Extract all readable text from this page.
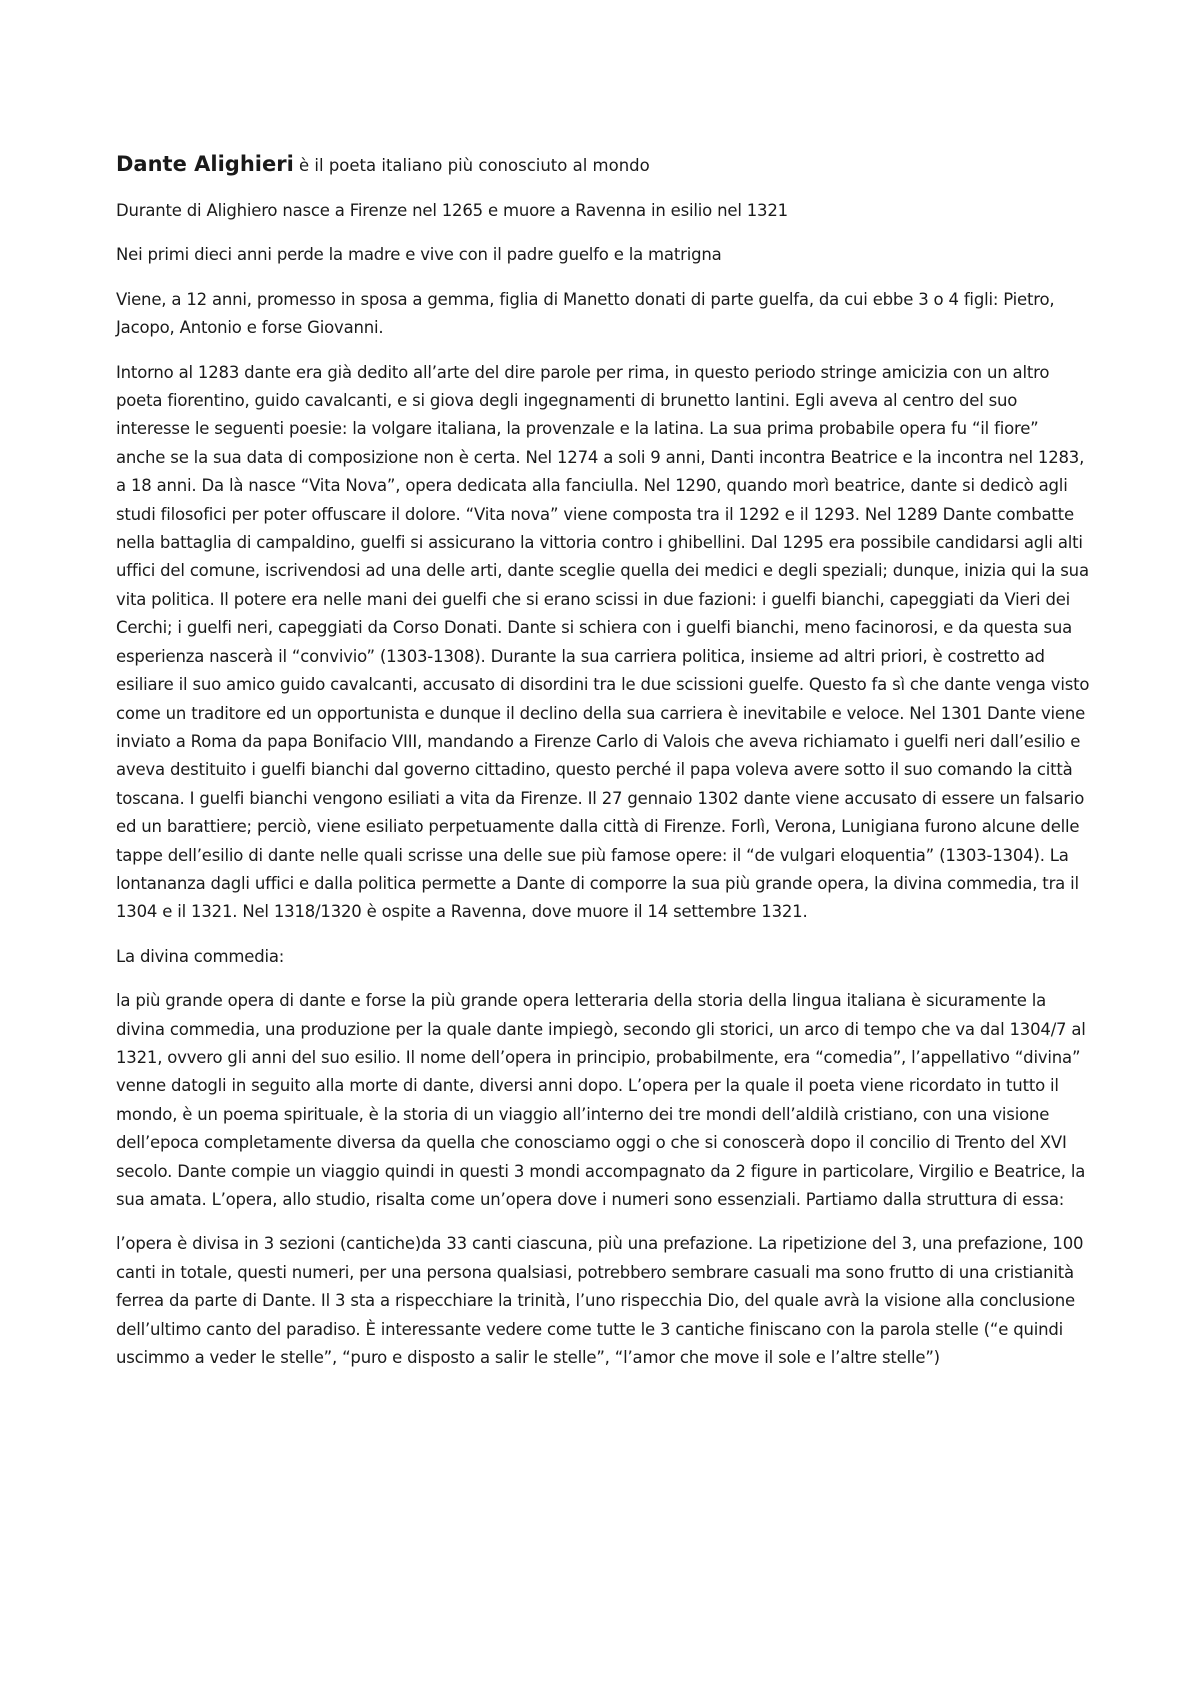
Dante Alighieri è il poeta italiano più conosciuto al mondo

Durante di Alighiero nasce a Firenze nel 1265 e muore a Ravenna in esilio nel 1321

Nei primi dieci anni perde la madre e vive con il padre guelfo e la matrigna

Viene, a 12 anni, promesso in sposa a gemma, figlia di Manetto donati di parte guelfa, da cui ebbe 3 o 4 figli: Pietro, Jacopo, Antonio e forse Giovanni.

Intorno al 1283 dante era già dedito all’arte del dire parole per rima, in questo periodo stringe amicizia con un altro poeta fiorentino, guido cavalcanti, e si giova degli ingegnamenti di brunetto lantini. Egli aveva al centro del suo interesse le seguenti poesie: la volgare italiana, la provenzale e la latina. La sua prima probabile opera fu “il fiore” anche se la sua data di composizione non è certa. Nel 1274 a soli 9 anni, Danti incontra Beatrice e la incontra nel 1283, a 18 anni. Da là nasce “Vita Nova”, opera dedicata alla fanciulla. Nel 1290, quando morì beatrice, dante si dedicò agli studi filosofici per poter offuscare il dolore. “Vita nova” viene composta tra il 1292 e il 1293. Nel 1289 Dante combatte nella battaglia di campaldino, guelfi si assicurano la vittoria contro i ghibellini. Dal 1295 era possibile candidarsi agli alti uffici del comune, iscrivendosi ad una delle arti, dante sceglie quella dei medici e degli speziali; dunque, inizia qui la sua vita politica. Il potere era nelle mani dei guelfi che si erano scissi in due fazioni: i guelfi bianchi, capeggiati da Vieri dei Cerchi; i guelfi neri, capeggiati da Corso Donati. Dante si schiera con i guelfi bianchi, meno facinorosi, e da questa sua esperienza nascerà il “convivio” (1303-1308). Durante la sua carriera politica, insieme ad altri priori, è costretto ad esiliare il suo amico guido cavalcanti, accusato di disordini tra le due scissioni guelfe. Questo fa sì che dante venga visto come un traditore ed un opportunista e dunque il declino della sua carriera è inevitabile e veloce. Nel 1301 Dante viene inviato a Roma da papa Bonifacio VIII, mandando a Firenze Carlo di Valois che aveva richiamato i guelfi neri dall’esilio e aveva destituito i guelfi bianchi dal governo cittadino, questo perché il papa voleva avere sotto il suo comando la città toscana. I guelfi bianchi vengono esiliati a vita da Firenze. Il 27 gennaio 1302 dante viene accusato di essere un falsario ed un barattiere; perciò, viene esiliato perpetuamente dalla città di Firenze. Forlì, Verona, Lunigiana furono alcune delle tappe dell’esilio di dante nelle quali scrisse una delle sue più famose opere: il “de vulgari eloquentia” (1303-1304). La lontananza dagli uffici e dalla politica permette a Dante di comporre la sua più grande opera, la divina commedia, tra il 1304 e il 1321. Nel 1318/1320 è ospite a Ravenna, dove muore il 14 settembre 1321.

La divina commedia:

la più grande opera di dante e forse la più grande opera letteraria della storia della lingua italiana è sicuramente la divina commedia, una produzione per la quale dante impiegò, secondo gli storici, un arco di tempo che va dal 1304/7 al 1321, ovvero gli anni del suo esilio. Il nome dell’opera in principio, probabilmente, era “comedia”, l’appellativo “divina” venne datogli in seguito alla morte di dante, diversi anni dopo. L’opera per la quale il poeta viene ricordato in tutto il mondo, è un poema spirituale, è la storia di un viaggio all’interno dei tre mondi dell’aldilà cristiano, con una visione dell’epoca completamente diversa da quella che conosciamo oggi o che si conoscerà dopo il concilio di Trento del XVI secolo. Dante compie un viaggio quindi in questi 3 mondi accompagnato da 2 figure in particolare, Virgilio e Beatrice, la sua amata. L’opera, allo studio, risalta come un’opera dove i numeri sono essenziali. Partiamo dalla struttura di essa:

l’opera è divisa in 3 sezioni (cantiche)da 33 canti ciascuna, più una prefazione. La ripetizione del 3, una prefazione, 100 canti in totale, questi numeri, per una persona qualsiasi, potrebbero sembrare casuali ma sono frutto di una cristianità ferrea da parte di Dante. Il 3 sta a rispecchiare la trinità, l’uno rispecchia Dio, del quale avrà la visione alla conclusione dell’ultimo canto del paradiso. È interessante vedere come tutte le 3 cantiche finiscano con la parola stelle (“e quindi uscimmo a veder le stelle”, “puro e disposto a salir le stelle”, “l’amor che move il sole e l’altre stelle”)
